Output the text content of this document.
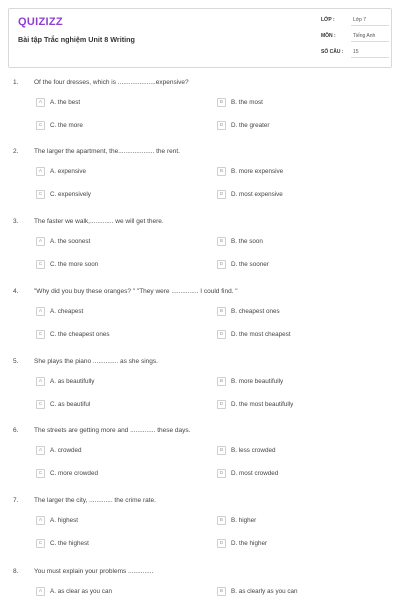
QUIZIZZ
Bài tập Trắc nghiệm Unit 8 Writing
LỚP :	Lớp 7
MÔN :	Tiếng Anh
SỐ CÂU : 15
1. Of the four dresses, which is .....................expensive?
A	A. the best	B	B. the most
C	C. the more	D	D. the greater
2. The larger the apartment, the.................... the rent.
A	A. expensive	B	B. more expensive
C	C. expensively	D	D. most expensive
3. The faster we walk,............. we will get there.
A	A. the soonest	B	B. the soon
C	C. the more soon	D	D. the sooner
4. "Why did you buy these oranges? " "They were ............... I could find. "
A	A. cheapest	B	B. cheapest ones
C	C. the cheapest ones	D	D. the most cheapest
5. She plays the piano .............. as she sings.
A	A. as beautifully	B	B. more beautifully
C	C. as beautiful	D	D. the most beautifully
6. The streets are getting more and .............. these days.
A	A. crowded	B	B. less crowded
C	C. more crowded	D	D. most crowded
7. The larger the city, ............. the crime rate.
A	A. highest	B	B. higher
C	C. the highest	D	D. the higher
8. You must explain your problems ..............
A	A. as clear as you can	B	B. as clearly as you can
